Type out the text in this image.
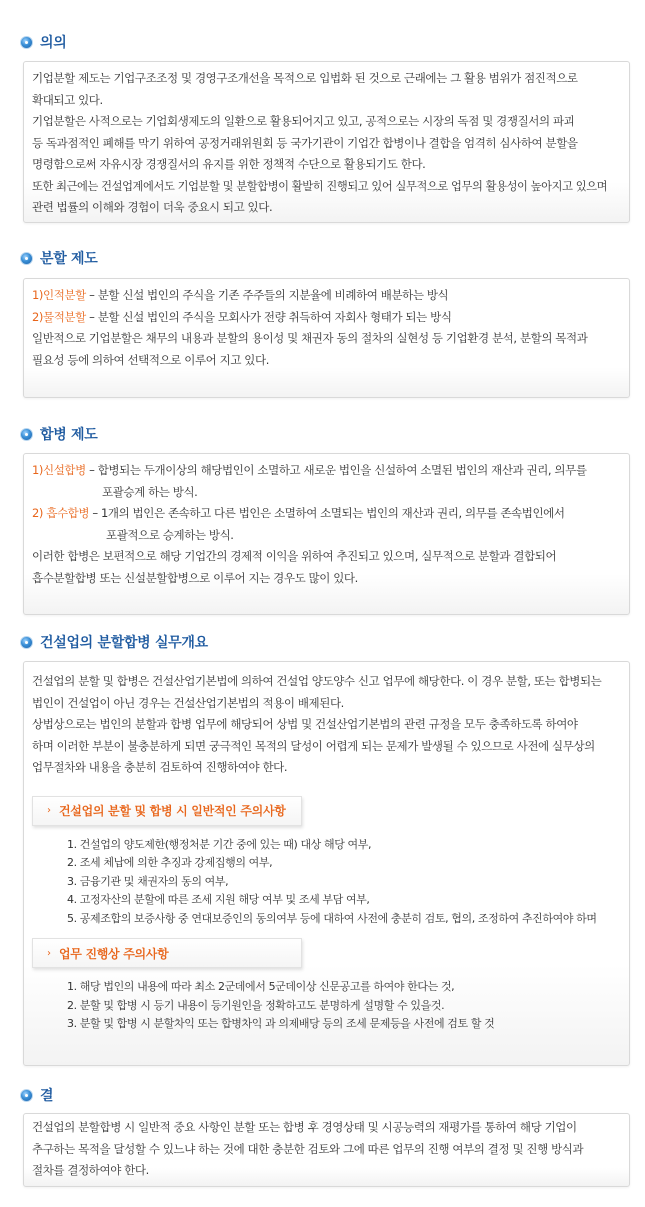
의의
기업분할 제도는 기업구조조정 및 경영구조개선을 목적으로 입법화 된 것으로 근래에는 그 활용 범위가 점진적으로
확대되고 있다.
기업분할은 사적으로는 기업회생제도의 일환으로 활용되어지고 있고, 공적으로는 시장의 독점 및 경쟁질서의 파괴
등 독과점적인 폐해를 막기 위하여 공정거래위원회 등 국가기관이 기업간 합병이나 결합을 엄격히 심사하여 분할을
명령함으로써 자유시장 경쟁질서의 유지를 위한 정책적 수단으로 활용되기도 한다.
또한 최근에는 건설업계에서도 기업분할 및 분할합병이 활발히 진행되고 있어 실무적으로 업무의 활용성이 높아지고 있으며
관련 법률의 이해와 경험이 더욱 중요시 되고 있다.
분할 제도
1)인적분할 – 분할 신설 법인의 주식을 기존 주주들의 지분율에 비례하여 배분하는 방식
2)물적분할 – 분할 신설 법인의 주식을 모회사가 전량 취득하여 자회사 형태가 되는 방식
일반적으로 기업분할은 채무의 내용과 분할의 용이성 및 채권자 동의 절차의 실현성 등 기업환경 분석, 분할의 목적과
필요성 등에 의하여 선택적으로 이루어 지고 있다.
합병 제도
1)신설합병 – 합병되는 두개이상의 해당법인이 소멸하고 새로운 법인을 신설하여 소멸된 법인의 재산과 권리, 의무를
포괄승계 하는 방식.
2) 흡수합병 – 1개의 법인은 존속하고 다른 법인은 소멸하여 소멸되는 법인의 재산과 권리, 의무를 존속법인에서
포괄적으로 승계하는 방식.
이러한 합병은 보편적으로 해당 기업간의 경제적 이익을 위하여 추진되고 있으며, 실무적으로 분할과 결합되어
흡수분할합병 또는 신설분할합병으로 이루어 지는 경우도 많이 있다.
건설업의 분할합병 실무개요
건설업의 분할 및 합병은 건설산업기본법에 의하여 건설업 양도양수 신고 업무에 해당한다. 이 경우 분할, 또는 합병되는
법인이 건설업이 아닌 경우는 건설산업기본법의 적용이 배제된다.
상법상으로는 법인의 분할과 합병 업무에 해당되어 상법 및 건설산업기본법의 관련 규정을 모두 충족하도록 하여야
하며 이러한 부분이 불충분하게 되면 궁극적인 목적의 달성이 어렵게 되는 문제가 발생될 수 있으므로 사전에 실무상의
업무절차와 내용을 충분히 검토하여 진행하여야 한다.
› 건설업의 분할 및 합병 시 일반적인 주의사항
1. 건설업의 양도제한(행정처분 기간 중에 있는 때) 대상 해당 여부,
2. 조세 체납에 의한 추징과 강제집행의 여부,
3. 금융기관 및 채권자의 동의 여부,
4. 고정자산의 분할에 따른 조세 지원 해당 여부 및 조세 부담 여부,
5. 공제조합의 보증사항 중 연대보증인의 동의여부 등에 대하여 사전에 충분히 검토, 협의, 조정하여 추진하여야 하며
› 업무 진행상 주의사항
1. 해당 법인의 내용에 따라 최소 2군데에서 5군데이상 신문공고를 하여야 한다는 것,
2. 분할 및 합병 시 등기 내용이 등기원인을 정확하고도 분명하게 설명할 수 있을것.
3. 분할 및 합병 시 분할차익 또는 합병차익 과 의제배당 등의 조세 문제등을 사전에 검토 할 것
결
건설업의 분할합병 시 일반적 중요 사항인 분할 또는 합병 후 경영상태 및 시공능력의 재평가를 통하여 해당 기업이
추구하는 목적을 달성할 수 있느냐 하는 것에 대한 충분한 검토와 그에 따른 업무의 진행 여부의 결정 및 진행 방식과
절차를 결정하여야 한다.
